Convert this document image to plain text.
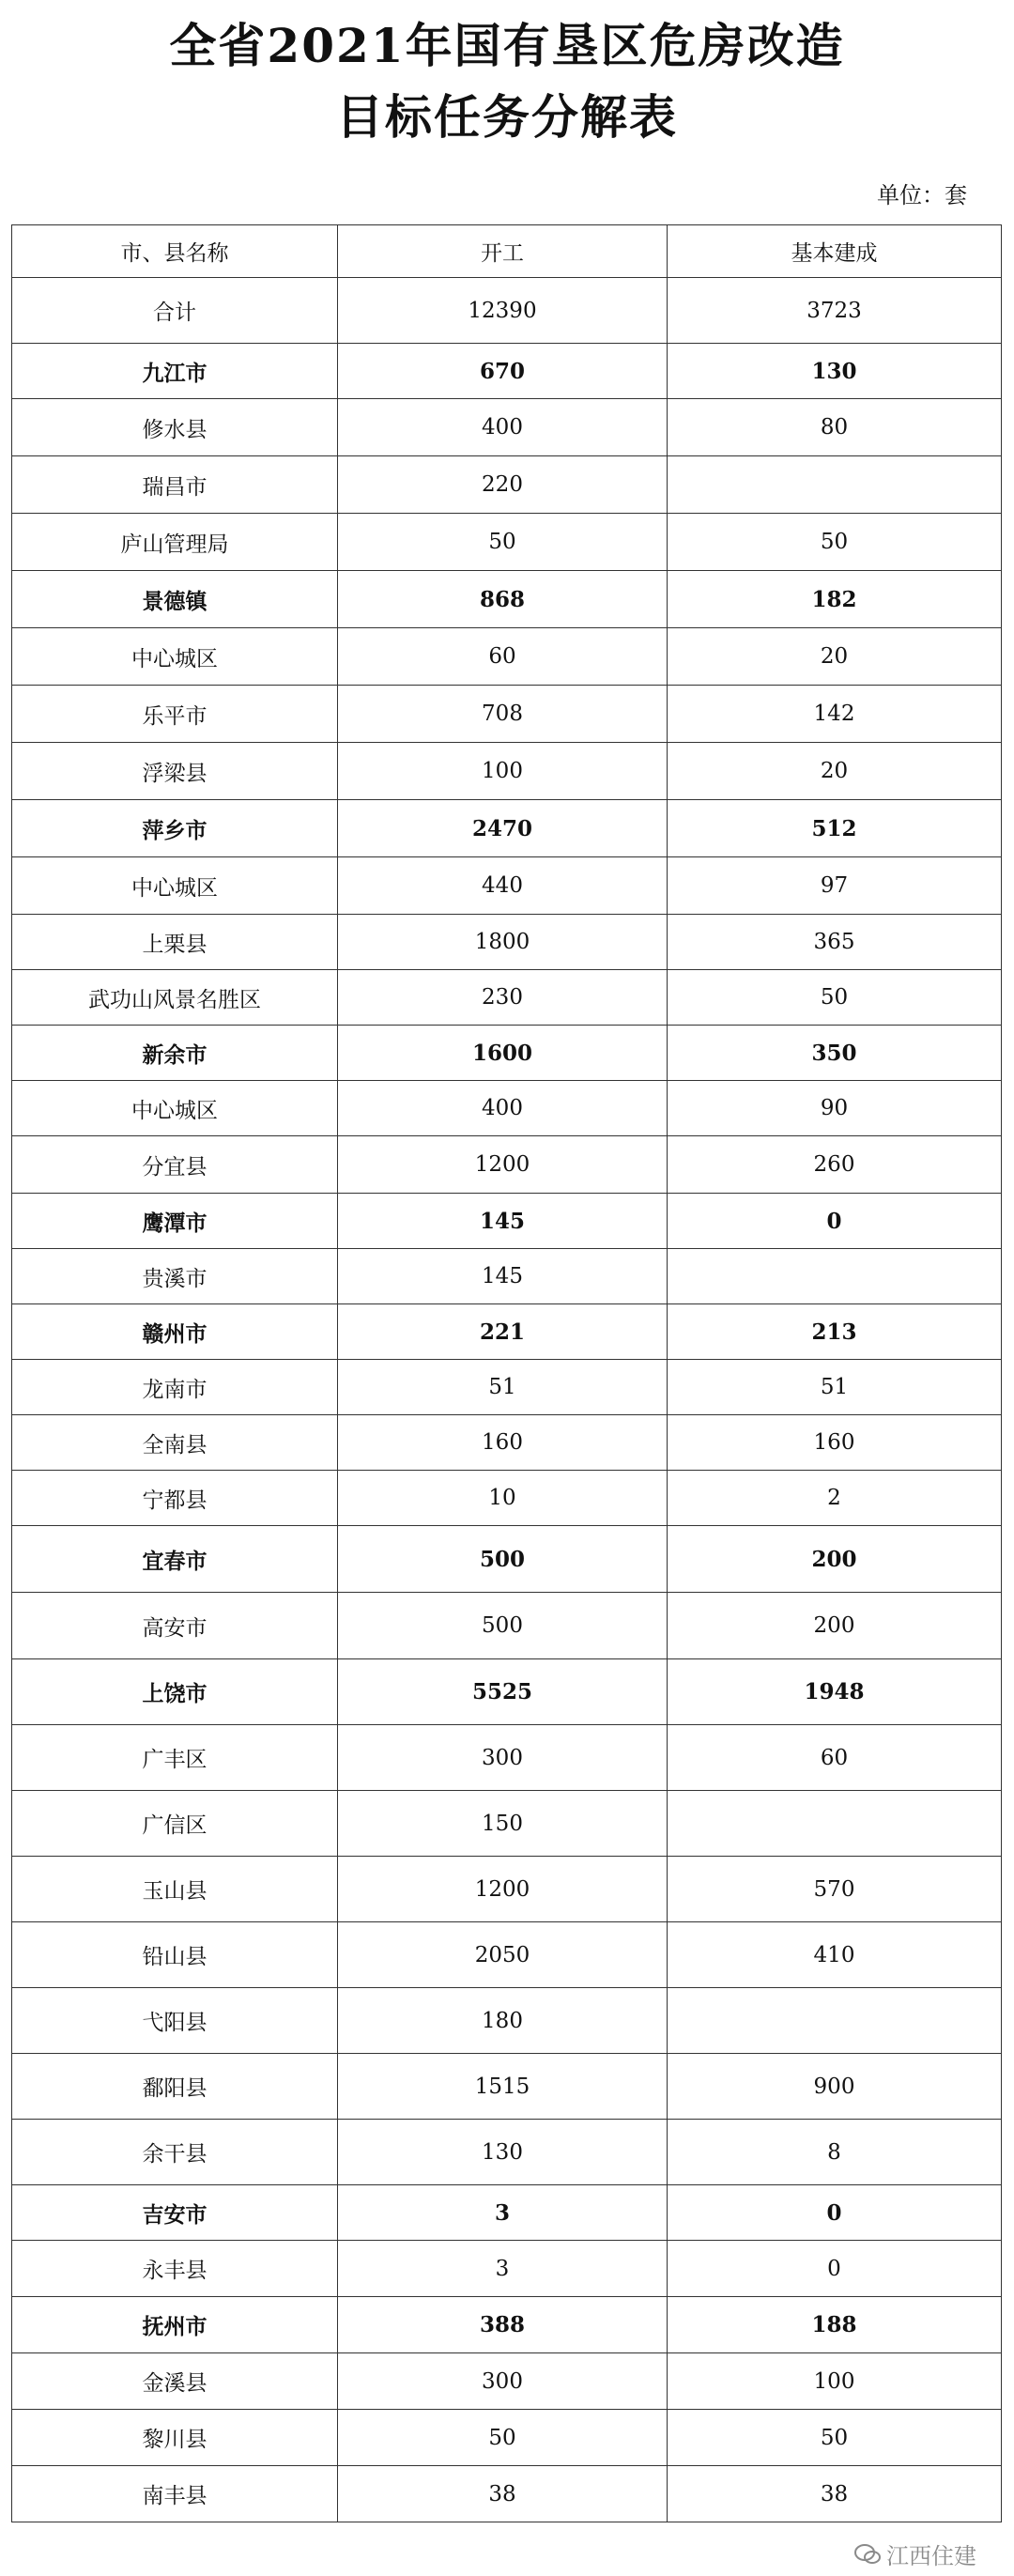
全省2021年国有垦区危房改造
目标任务分解表
单位：套
市、县名称	开工	基本建成
合计	12390	3723
九江市	670	130
修水县	400	80
瑞昌市	220	
庐山管理局	50	50
景德镇	868	182
中心城区	60	20
乐平市	708	142
浮梁县	100	20
萍乡市	2470	512
中心城区	440	97
上栗县	1800	365
武功山风景名胜区	230	50
新余市	1600	350
中心城区	400	90
分宜县	1200	260
鹰潭市	145	0
贵溪市	145	
赣州市	221	213
龙南市	51	51
全南县	160	160
宁都县	10	2
宜春市	500	200
高安市	500	200
上饶市	5525	1948
广丰区	300	60
广信区	150	
玉山县	1200	570
铅山县	2050	410
弋阳县	180	
鄱阳县	1515	900
余干县	130	8
吉安市	3	0
永丰县	3	0
抚州市	388	188
金溪县	300	100
黎川县	50	50
南丰县	38	38
江西住建
